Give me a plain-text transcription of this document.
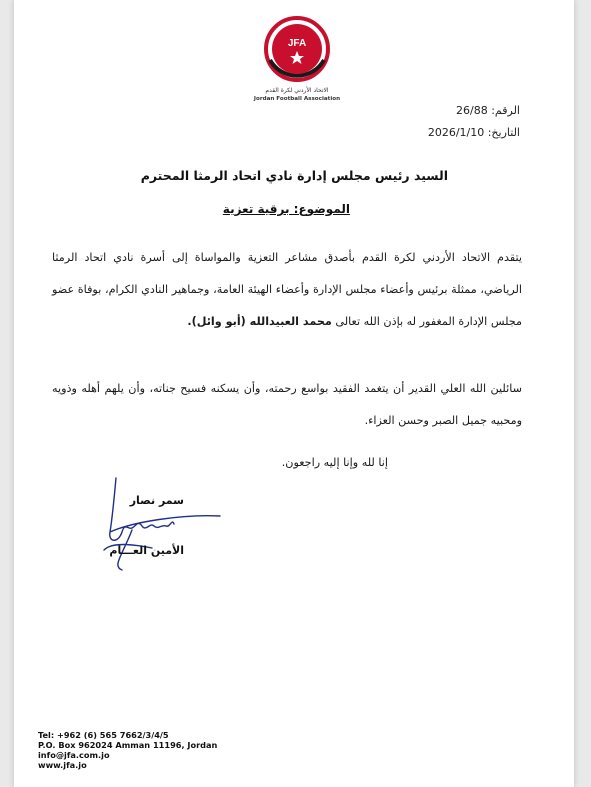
JFA
الاتحاد الأردني لكرة القدم
Jordan Football Association
الرقم: 26/88
التاريخ: 2026/1/10
السيد رئيس مجلس إدارة نادي اتحاد الرمثا المحترم
الموضوع: برقية تعزية
يتقدم الاتحاد الأردني لكرة القدم بأصدق مشاعر التعزية والمواساة إلى أسرة نادي اتحاد الرمثا الرياضي، ممثلة برئيس وأعضاء مجلس الإدارة وأعضاء الهيئة العامة، وجماهير النادي الكرام، بوفاة عضو مجلس الإدارة المغفور له بإذن الله تعالى محمد العبيدالله (أبو وائل).
سائلين الله العلي القدير أن يتغمد الفقيد بواسع رحمته، وأن يسكنه فسيح جناته، وأن يلهم أهله وذويه ومحبيه جميل الصبر وحسن العزاء.
إنا لله وإنا إليه راجعون.
سمر نصار
الأمين العـــام
Tel: +962 (6) 565 7662/3/4/5
P.O. Box 962024 Amman 11196, Jordan
info@jfa.com.jo
www.jfa.jo
